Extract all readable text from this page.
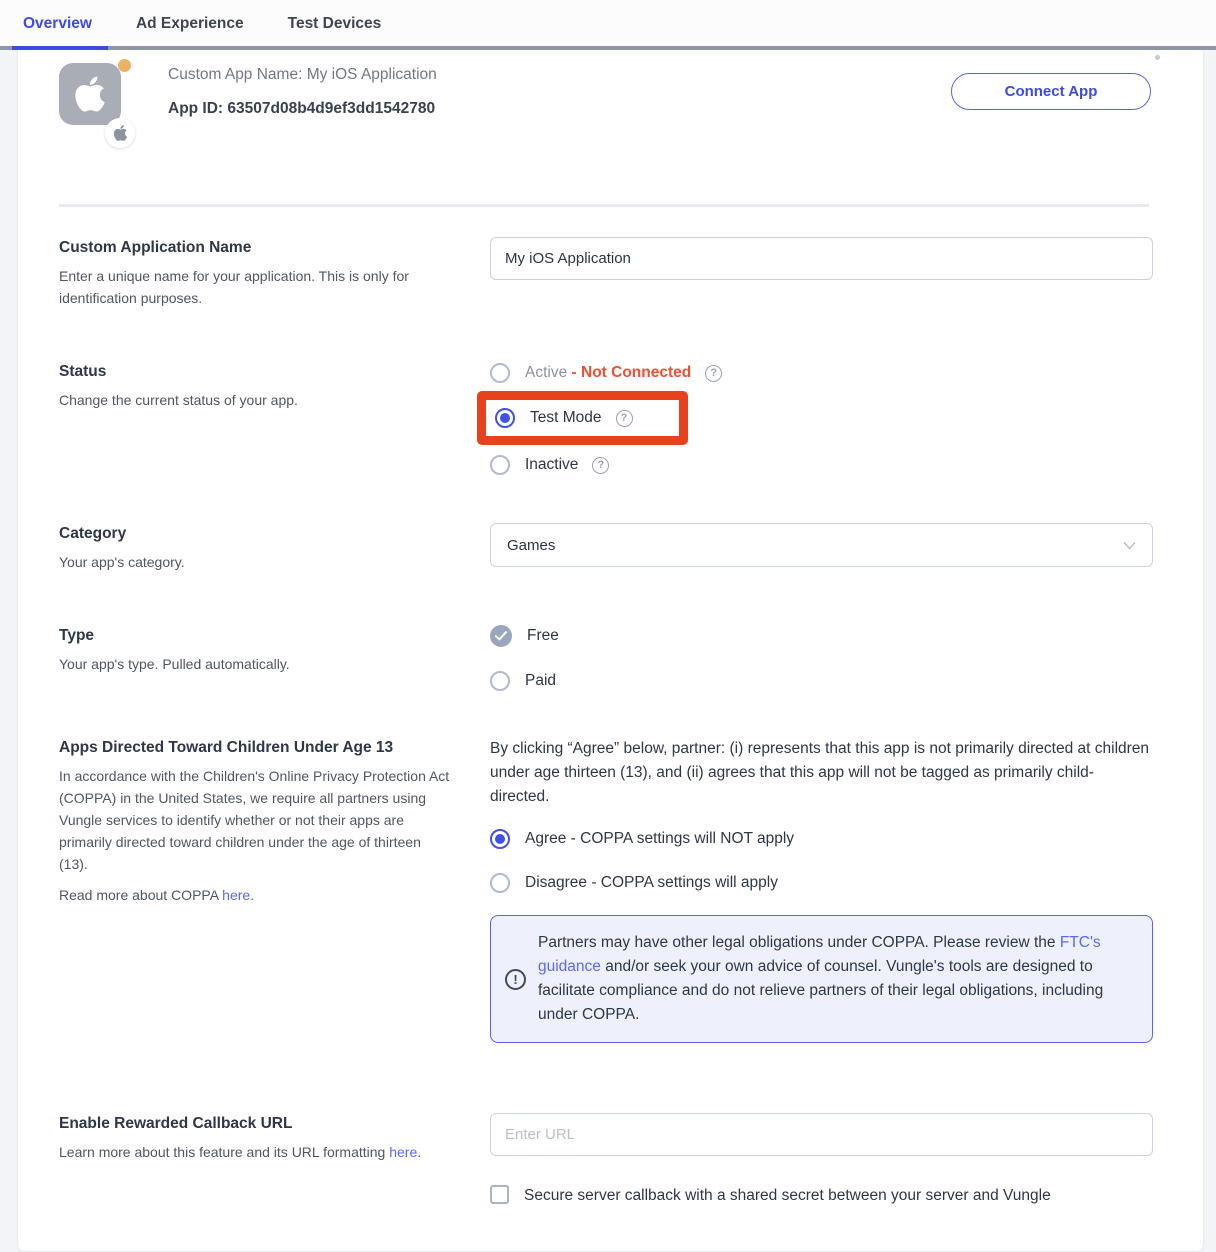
Overview	Ad Experience	Test Devices
Custom App Name: My iOS Application
App ID: 63507d08b4d9ef3dd1542780
Connect App
Custom Application Name
Enter a unique name for your application. This is only for identification purposes.
My iOS Application
Status
Change the current status of your app.
Active - Not Connected	?
Test Mode	?
Inactive	?
Category
Your app's category.
Games
Type
Your app's type. Pulled automatically.
Free
Paid
Apps Directed Toward Children Under Age 13
In accordance with the Children's Online Privacy Protection Act (COPPA) in the United States, we require all partners using Vungle services to identify whether or not their apps are primarily directed toward children under the age of thirteen (13).
Read more about COPPA here.

By clicking “Agree” below, partner: (i) represents that this app is not primarily directed at children under age thirteen (13), and (ii) agrees that this app will not be tagged as primarily child-directed.

Agree - COPPA settings will NOT apply
Disagree - COPPA settings will apply
!
Partners may have other legal obligations under COPPA. Please review the FTC's guidance and/or seek your own advice of counsel. Vungle's tools are designed to facilitate compliance and do not relieve partners of their legal obligations, including under COPPA.
Enable Rewarded Callback URL
Learn more about this feature and its URL formatting here.
Enter URL
Secure server callback with a shared secret between your server and Vungle
